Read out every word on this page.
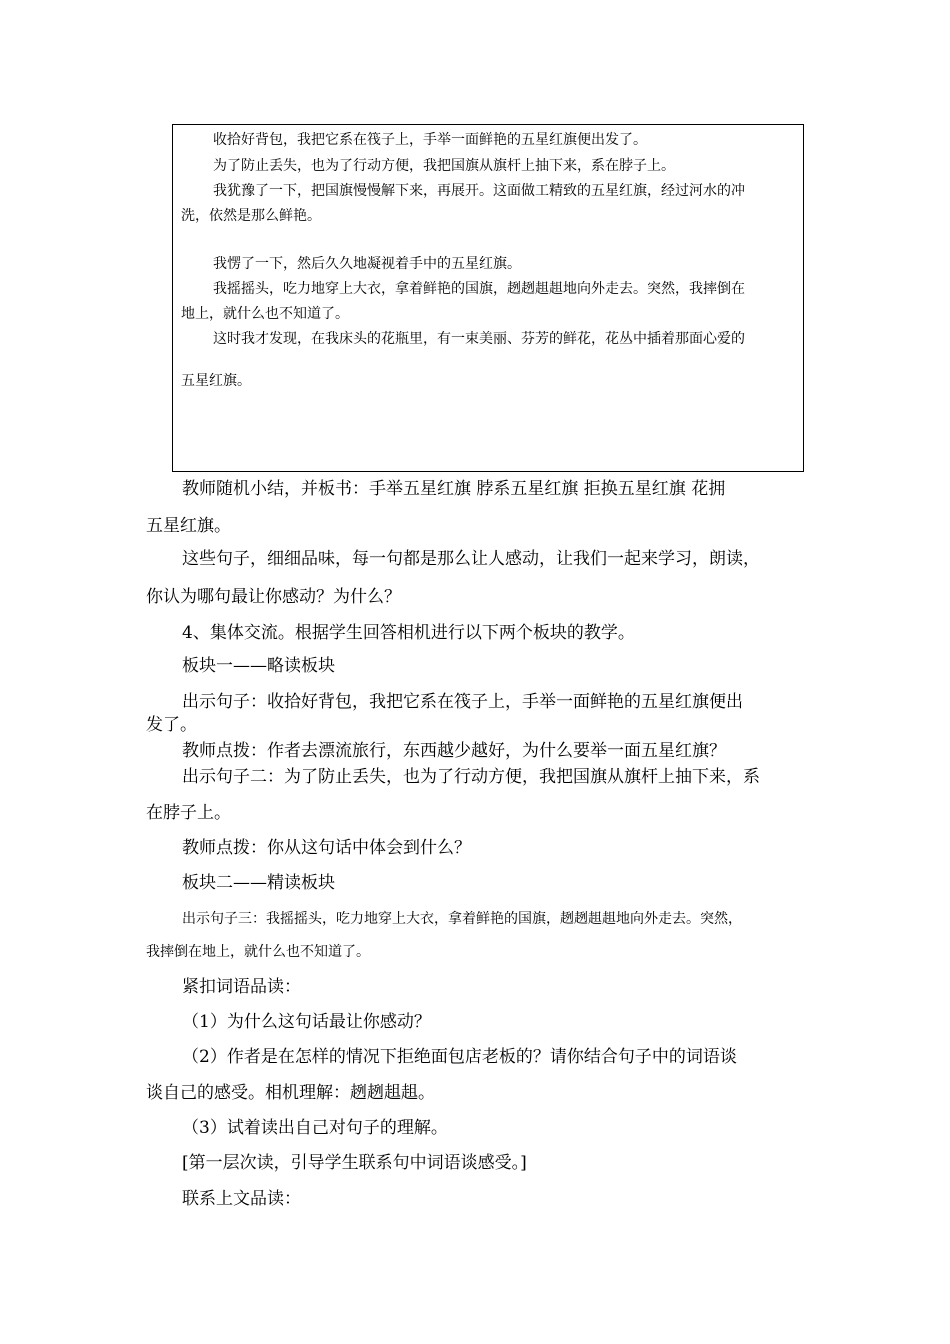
收拾好背包，我把它系在筏子上，手举一面鲜艳的五星红旗便出发了。
为了防止丢失，也为了行动方便，我把国旗从旗杆上抽下来，系在脖子上。
我犹豫了一下，把国旗慢慢解下来，再展开。这面做工精致的五星红旗，经过河水的冲
洗，依然是那么鲜艳。
我愣了一下，然后久久地凝视着手中的五星红旗。
我摇摇头，吃力地穿上大衣，拿着鲜艳的国旗，趔趔趄趄地向外走去。突然，我摔倒在
地上，就什么也不知道了。
这时我才发现，在我床头的花瓶里，有一束美丽、芬芳的鲜花，花丛中插着那面心爱的
五星红旗。
教师随机小结，并板书：手举五星红旗 脖系五星红旗 拒换五星红旗 花拥
五星红旗。
这些句子，细细品味，每一句都是那么让人感动，让我们一起来学习，朗读，
你认为哪句最让你感动？为什么？
4、集体交流。根据学生回答相机进行以下两个板块的教学。
板块一——略读板块
出示句子：收拾好背包，我把它系在筏子上，手举一面鲜艳的五星红旗便出
发了。
教师点拨：作者去漂流旅行，东西越少越好，为什么要举一面五星红旗？
出示句子二：为了防止丢失，也为了行动方便，我把国旗从旗杆上抽下来，系
在脖子上。
教师点拨：你从这句话中体会到什么？
板块二——精读板块
出示句子三：我摇摇头，吃力地穿上大衣，拿着鲜艳的国旗，趔趔趄趄地向外走去。突然，
我摔倒在地上，就什么也不知道了。
紧扣词语品读：
（1）为什么这句话最让你感动？
（2）作者是在怎样的情况下拒绝面包店老板的？请你结合句子中的词语谈
谈自己的感受。相机理解：趔趔趄趄。
（3）试着读出自己对句子的理解。
[第一层次读，引导学生联系句中词语谈感受。]
联系上文品读：
